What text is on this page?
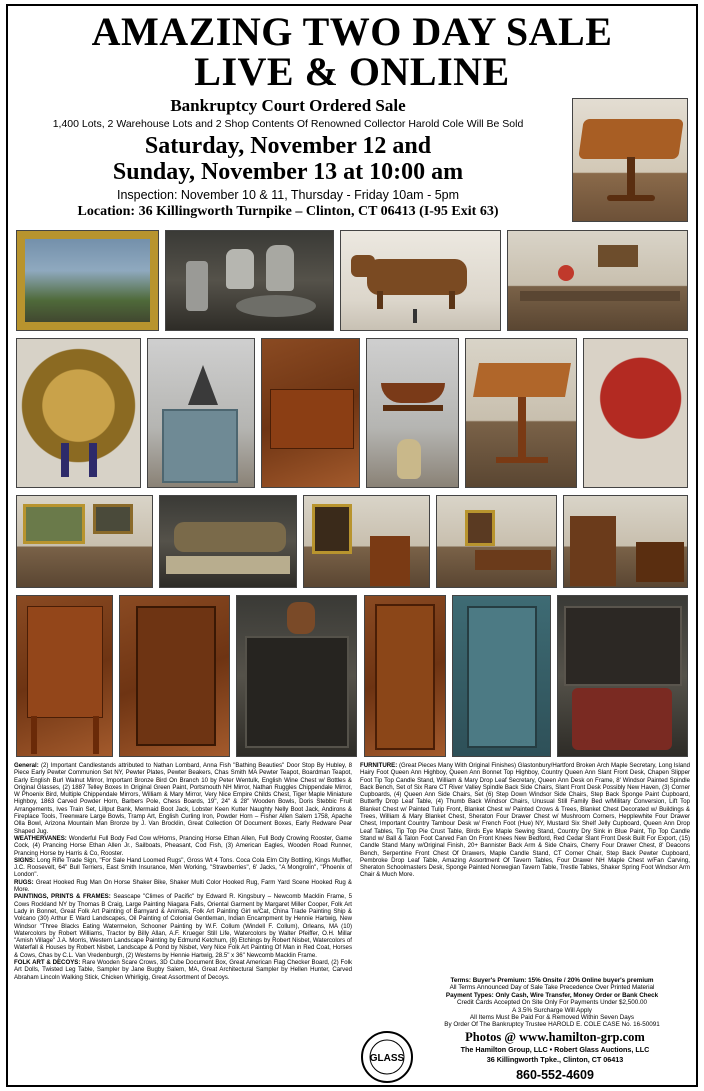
AMAZING TWO DAY SALE
LIVE & ONLINE
Bankruptcy Court Ordered Sale
1,400 Lots, 2 Warehouse Lots and 2 Shop Contents Of Renowned Collector Harold Cole Will Be Sold
Saturday, November 12 and
Sunday, November 13 at 10:00 am
Inspection: November 10 & 11, Thursday - Friday 10am - 5pm
Location: 36 Killingworth Turnpike – Clinton, CT 06413 (I-95 Exit 63)

General: (2) Important Candlestands attributed to Nathan Lombard, Anna Fish "Bathing Beauties" Door Stop By Hubley, 8 Piece Early Pewter Communion Set NY, Pewter Plates, Pewter Beakers, Chas Smith MA Pewter Teapot, Boardman Teapot, Early English Burl Walnut Mirror, Important Bronze Bird On Branch 10 by Peter Wentulk, English Wine Chest w/ Bottles & Original Glasses, (2) 1887 Telley Boxes In Original Green Paint, Portsmouth NH Mirror, Nathan Ruggles Chippendale Mirror, W Phoenix Bird, Multiple Chippendale Mirrors, William & Mary Mirror, Very Nice Empire Childs Chest, Tiger Maple Miniature Highboy, 1863 Carved Powder Horn, Barbers Pole, Chess Boards, 19", 24" & 28" Wooden Bowls, Doris Stebbic Fruit Arrangements, Ives Train Set, Lillput Bank, Mermaid Boot Jack, Lobster Keen Kutter Naughty Nelly Boot Jack, Andirons & Fireplace Tools, Treenware Large Bowls, Tramp Art, English Curling Iron, Powder Horn – Fisher Allen Salem 1758, Apache Olla Bowl, Arizona Mountain Man Bronze by J. Van Brocklin, Great Collection Of Document Boxes, Early Redware Pear Shaped Jug.

WEATHERVANES: Wonderful Full Body Fed Cow w/Horns, Prancing Horse Ethan Allen, Full Body Crowing Rooster, Game Cock, (4) Prancing Horse Ethan Allen Jr., Sailboats, Pheasant, Cod Fish, (3) American Eagles, Wooden Road Runner, Prancing Horse by Harris & Co, Rooster.

SIGNS: Long Rifle Trade Sign, "For Sale Hand Loomed Rugs", Gross Wt 4 Tons. Coca Cola Elm City Bottling, Kings Muffler, J.C. Roosevelt, 64" Bull Terriers, East Smith Insurance, Men Working, "Strawberries", 6' Jacks, "A Mongrolin", "Phoenix of London".

RUGS: Great Hooked Rug Man On Horse Shaker Bike, Shaker Multi Color Hooked Rug, Farm Yard Scene Hooked Rug & More.

PAINTINGS, PRINTS & FRAMES: Seascape "Climes of Pacific" by Edward R. Kingsbury – Newcomb Macklin Frame, 5 Cows Rockland NY by Thomas B Craig, Large Painting Niagara Falls, Oriental Garment by Margaret Miller Cooper, Folk Art Lady in Bonnet, Great Folk Art Painting of Barnyard & Animals, Folk Art Painting Girl w/Cat, China Trade Painting Ship & Volcano (30) Arthur E Ward Landscapes, Oil Painting of Colonial Gentleman, Indian Encampment by Hennie Hartwig, New Windsor "Three Blacks Eating Watermelon, Schooner Painting by W.F. Collum (Windell F. Collum), Orleans, MA (10) Watercolors by Robert Williams, Tractor by Billy Allan, A.F. Krueger Still Life, Watercolors by Walter Pfeiffer, O.H. Millar "Amish Village" J.A. Morris, Western Landscape Painting by Edmund Ketchum, (8) Etchings by Robert Nisbet, Watercolors of Waterfall & Houses by Robert Nisbet, Landscape & Pond by Nisbet, Very Nice Folk Art Painting Of Man in Red Coat, Horses & Cows, Chas by C.L. Van Vredenburgh, (2) Westerns by Hennie Hartwig, 28.5" x 36" Newcomb Macklin Frame.

FOLK ART & DECOYS: Rare Wooden Scare Crows, 3D Cube Document Box, Great American Flag Checker Board, (2) Folk Art Dolls, Twisted Leg Table, Sampler by Jane Bugby Salem, MA, Great Architectural Sampler by Hellen Hunter, Carved Abraham Lincoln Walking Stick, Chicken Whirligig, Great Assortment of Decoys.

FURNITURE: (Great Pieces Many With Original Finishes) Glastonbury/Hartford Broken Arch Maple Secretary, Long Island Hairy Foot Queen Ann Highboy, Queen Ann Bonnet Top Highboy, Country Queen Ann Slant Front Desk, Chapen Slipper Foot Tip Top Candle Stand, William & Mary Drop Leaf Secretary, Queen Ann Desk on Frame, 8' Windsor Painted Spindle Back Bench, Set of Six Rare CT River Valley Spindle Back Side Chairs, Slant Front Desk Possibly New Haven, (3) Corner Cupboards, (4) Queen Ann Side Chairs, Set (6) Step Down Windsor Side Chairs, Step Back Sponge Paint Cupboard, Butterfly Drop Leaf Table, (4) Thumb Back Windsor Chairs, Unusual Still Family Bed w/Military Conversion, Lift Top Blanket Chest w/ Painted Tulip Front, Blanket Chest w/ Painted Crows & Trees, Blanket Chest Decorated w/ Buildings & Trees, William & Mary Blanket Chest, Sheraton Four Drawer Chest w/ Mushroom Corners, Hepplewhite Four Drawer Chest, Important Country Tambour Desk w/ French Foot (Hue) NY, Mustard Six Shelf Jelly Cupboard, Queen Ann Drop Leaf Tables, Tip Top Pie Crust Table, Birds Eye Maple Sewing Stand, Country Dry Sink in Blue Paint, Tip Top Candle Stand w/ Ball & Talon Foot Carved Fan On Front Knees New Bedford, Red Cedar Slant Front Desk Built For Export, (15) Candle Stand Many w/Original Finish, 20+ Bannister Back Arm & Side Chairs, Cherry Four Drawer Chest, 8' Deacons Bench, Serpentine Front Chest Of Drawers, Maple Candle Stand, CT Corner Chair, Step Back Pewter Cupboard, Pembroke Drop Leaf Table, Amazing Assortment Of Tavern Tables, Four Drawer NH Maple Chest w/Fan Carving, Sheraton Schoolmasters Desk, Sponge Painted Norwegian Tavern Table, Trestle Tables, Shaker Spring Foot Windsor Arm Chair & Much More.

Terms: Buyer's Premium: 15% Onsite / 20% Online buyer's premium
All Terms Announced Day of Sale Take Precedence Over Printed Material
Payment Types: Only Cash, Wire Transfer, Money Order or Bank Check
Credit Cards Accepted On Site Only For Payments Under $2,500.00
A 3.5% Surcharge Will Apply
All Items Must Be Paid For & Removed Within Seven Days
By Order Of The Bankruptcy Trustee HAROLD E. COLE CASE No. 16-50091
GLASS
Photos @ www.hamilton-grp.com
The Hamilton Group, LLC • Robert Glass Auctions, LLC
36 Killingworth Tpke., Clinton, CT 06413
860-552-4609
